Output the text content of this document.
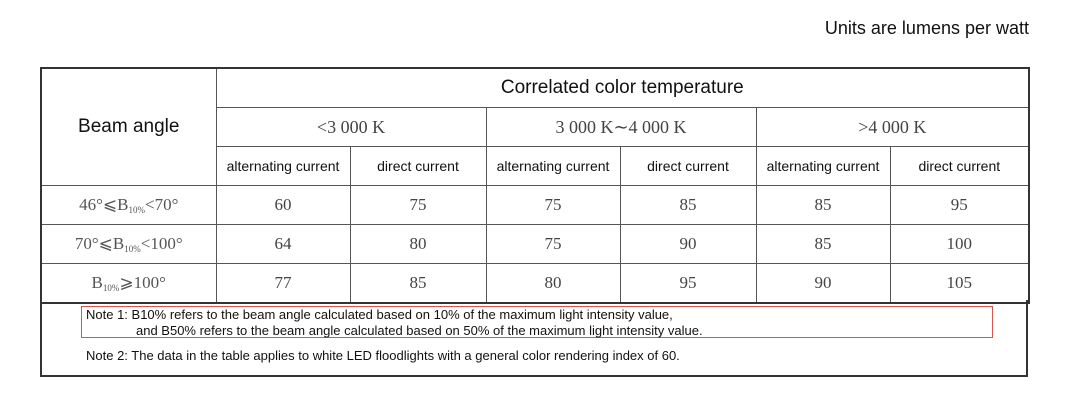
Units are lumens per watt
Beam angle	Correlated color temperature					
	<3 000 K		3 000 K∼4 000 K		>4 000 K	
	alternating current	direct current	alternating current	direct current	alternating current	direct current
$46^\circ⩽B_{10\%}<70^\circ$	60	75	75	85	85	95
$70^\circ⩽B_{10\%}<100^\circ$	64	80	75	90	85	100
$B_{10\%}⩾100^\circ$	77	85	80	95	90	105
Note 1: B10% refers to the beam angle calculated based on 10% of the maximum light intensity value,
and B50% refers to the beam angle calculated based on 50% of the maximum light intensity value.
Note 2: The data in the table applies to white LED floodlights with a general color rendering index of 60.
